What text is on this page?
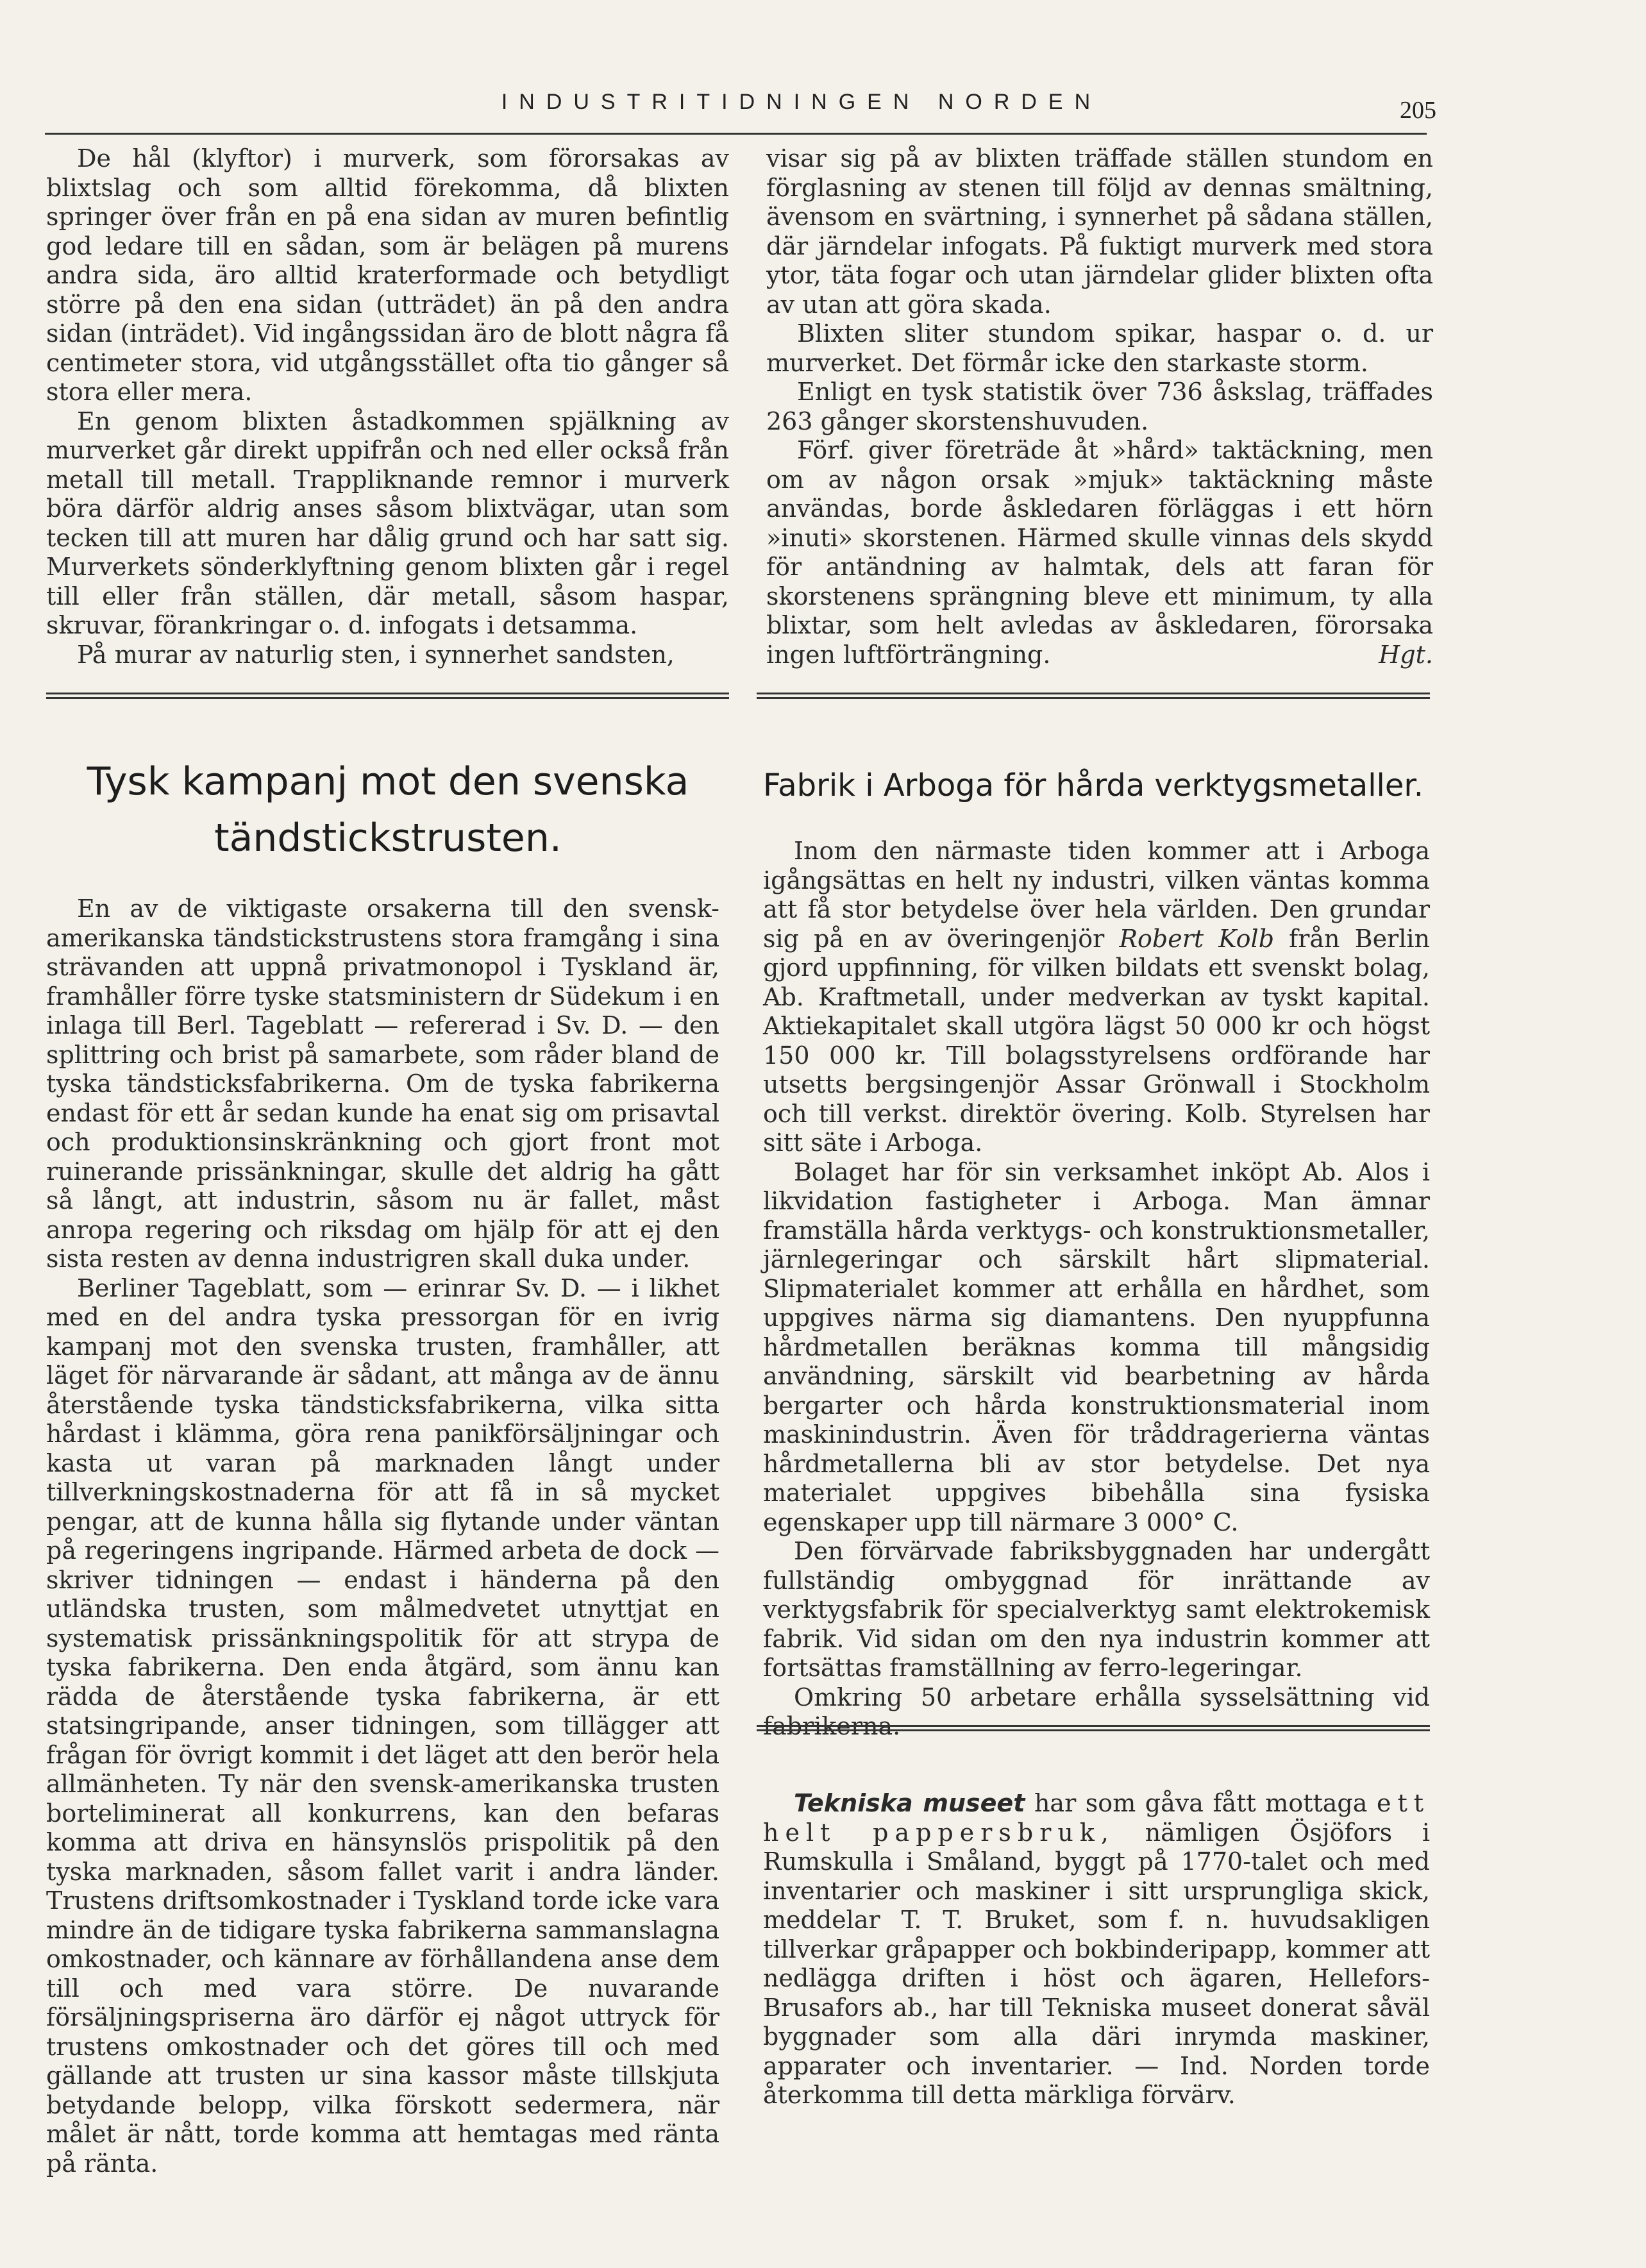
INDUSTRITIDNINGEN NORDEN	205

De hål (klyftor) i murverk, som förorsakas av blixtslag och som alltid förekomma, då blixten springer över från en på ena sidan av muren befintlig god ledare till en sådan, som är belägen på murens andra sida, äro alltid kraterformade och betydligt större på den ena sidan (utträdet) än på den andra sidan (inträdet). Vid ingångssidan äro de blott några få centimeter stora, vid utgångsstället ofta tio gånger så stora eller mera.

En genom blixten åstadkommen spjälkning av murverket går direkt uppifrån och ned eller också från metall till metall. Trappliknande remnor i murverk böra därför aldrig anses såsom blixtvägar, utan som tecken till att muren har dålig grund och har satt sig. Murverkets sönderklyftning genom blixten går i regel till eller från ställen, där metall, såsom haspar, skruvar, förankringar o. d. infogats i detsamma.

På murar av naturlig sten, i synnerhet sandsten,

visar sig på av blixten träffade ställen stundom en förglasning av stenen till följd av dennas smältning, ävensom en svärtning, i synnerhet på sådana ställen, där järndelar infogats. På fuktigt murverk med stora ytor, täta fogar och utan järndelar glider blixten ofta av utan att göra skada.

Blixten sliter stundom spikar, haspar o. d. ur murverket. Det förmår icke den starkaste storm.

Enligt en tysk statistik över 736 åskslag, träffades 263 gånger skorstenshuvuden.

Förf. giver företräde åt »hård» taktäckning, men om av någon orsak »mjuk» taktäckning måste användas, borde åskledaren förläggas i ett hörn »inuti» skorstenen. Härmed skulle vinnas dels skydd för antändning av halmtak, dels att faran för skorstenens sprängning bleve ett minimum, ty alla blixtar, som helt avledas av åskledaren, förorsaka ingen luftförträngning.	Hgt.

Tysk kampanj mot den svenska
tändstickstrusten.

En av de viktigaste orsakerna till den svensk-amerikanska tändstickstrustens stora framgång i sina strävanden att uppnå privatmonopol i Tyskland är, framhåller förre tyske statsministern dr Südekum i en inlaga till Berl. Tageblatt — refererad i Sv. D. — den splittring och brist på samarbete, som råder bland de tyska tändsticksfabrikerna. Om de tyska fabrikerna endast för ett år sedan kunde ha enat sig om prisavtal och produktionsinskränkning och gjort front mot ruinerande prissänkningar, skulle det aldrig ha gått så långt, att industrin, såsom nu är fallet, måst anropa regering och riksdag om hjälp för att ej den sista resten av denna industrigren skall duka under.

Berliner Tageblatt, som — erinrar Sv. D. — i likhet med en del andra tyska pressorgan för en ivrig kampanj mot den svenska trusten, framhåller, att läget för närvarande är sådant, att många av de ännu återstående tyska tändsticksfabrikerna, vilka sitta hårdast i klämma, göra rena panikförsäljningar och kasta ut varan på marknaden långt under tillverkningskostnaderna för att få in så mycket pengar, att de kunna hålla sig flytande under väntan på regeringens ingripande. Härmed arbeta de dock — skriver tidningen — endast i händerna på den utländska trusten, som målmedvetet utnyttjat en systematisk prissänkningspolitik för att strypa de tyska fabrikerna. Den enda åtgärd, som ännu kan rädda de återstående tyska fabrikerna, är ett statsingripande, anser tidningen, som tillägger att frågan för övrigt kommit i det läget att den berör hela allmänheten. Ty när den svensk-amerikanska trusten borteliminerat all konkurrens, kan den befaras komma att driva en hänsynslös prispolitik på den tyska marknaden, såsom fallet varit i andra länder. Trustens driftsomkostnader i Tyskland torde icke vara mindre än de tidigare tyska fabrikerna sammanslagna omkostnader, och kännare av förhållandena anse dem till och med vara större. De nuvarande försäljningspriserna äro därför ej något uttryck för trustens omkostnader och det göres till och med gällande att trusten ur sina kassor måste tillskjuta betydande belopp, vilka förskott sedermera, när målet är nått, torde komma att hemtagas med ränta på ränta.

Fabrik i Arboga för hårda verktygsmetaller.

Inom den närmaste tiden kommer att i Arboga igångsättas en helt ny industri, vilken väntas komma att få stor betydelse över hela världen. Den grundar sig på en av överingenjör Robert Kolb från Berlin gjord uppfinning, för vilken bildats ett svenskt bolag, Ab. Kraftmetall, under medverkan av tyskt kapital. Aktiekapitalet skall utgöra lägst 50 000 kr och högst 150 000 kr. Till bolagsstyrelsens ordförande har utsetts bergsingenjör Assar Grönwall i Stockholm och till verkst. direktör övering. Kolb. Styrelsen har sitt säte i Arboga.

Bolaget har för sin verksamhet inköpt Ab. Alos i likvidation fastigheter i Arboga. Man ämnar framställa hårda verktygs- och konstruktionsmetaller, järnlegeringar och särskilt hårt slipmaterial. Slipmaterialet kommer att erhålla en hårdhet, som uppgives närma sig diamantens. Den nyuppfunna hårdmetallen beräknas komma till mångsidig användning, särskilt vid bearbetning av hårda bergarter och hårda konstruktionsmaterial inom maskinindustrin. Även för tråddragerierna väntas hårdmetallerna bli av stor betydelse. Det nya materialet uppgives bibehålla sina fysiska egenskaper upp till närmare 3 000° C.

Den förvärvade fabriksbyggnaden har undergått fullständig ombyggnad för inrättande av verktygsfabrik för specialverktyg samt elektrokemisk fabrik. Vid sidan om den nya industrin kommer att fortsättas framställning av ferro-legeringar.

Omkring 50 arbetare erhålla sysselsättning vid

Tekniska museet har som gåva fått mottaga ett helt pappersbruk, nämligen Ösjöfors i Rumskulla i Småland, byggt på 1770-talet och med inventarier och maskiner i sitt ursprungliga skick, meddelar T. T. Bruket, som f. n. huvudsakligen tillverkar gråpapper och bokbinderipapp, kommer att nedlägga driften i höst och ägaren, Hellefors-Brusafors ab., har till Tekniska museet donerat såväl byggnader som alla däri inrymda maskiner, apparater och inventarier. — Ind. Norden torde återkomma till detta märkliga förvärv.
